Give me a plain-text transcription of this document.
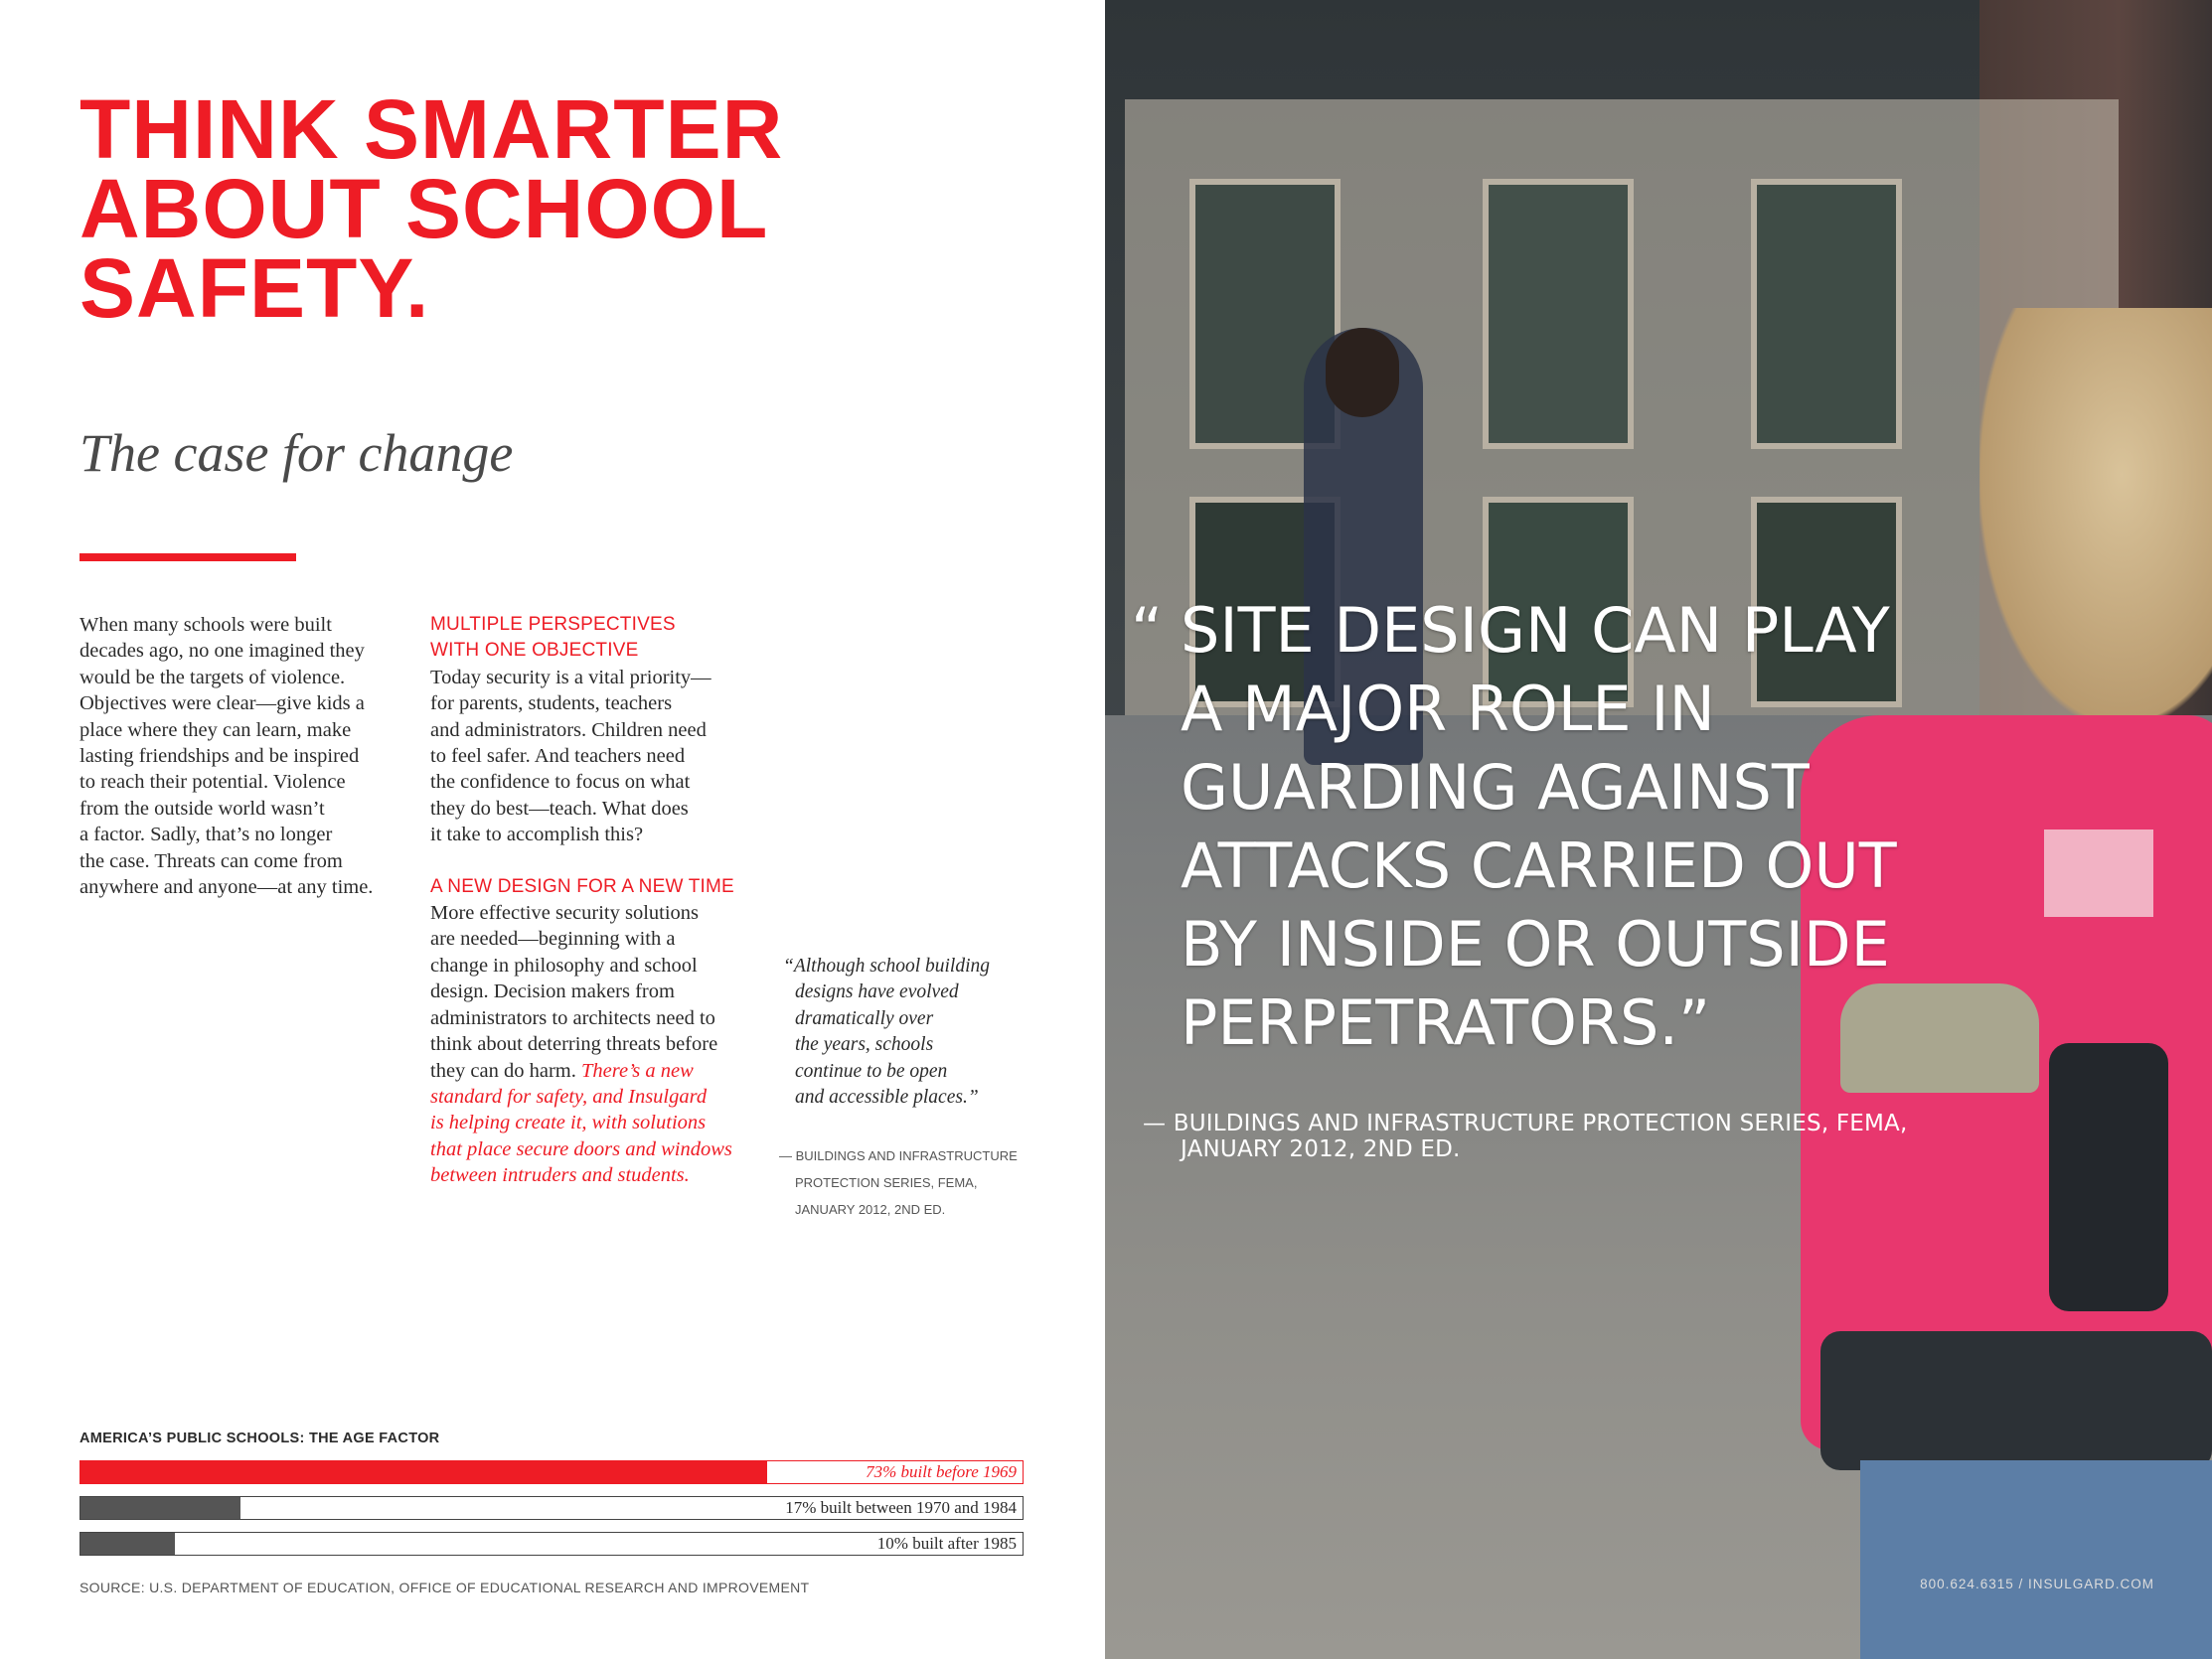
THINK SMARTER
ABOUT SCHOOL
SAFETY.
The case for change
When many schools were built
decades ago, no one imagined they
would be the targets of violence.
Objectives were clear—give kids a
place where they can learn, make
lasting friendships and be inspired
to reach their potential. Violence
from the outside world wasn’t
a factor. Sadly, that’s no longer
the case. Threats can come from
anywhere and anyone—at any time.
MULTIPLE PERSPECTIVES
WITH ONE OBJECTIVE
Today security is a vital priority—
for parents, students, teachers
and administrators. Children need
to feel safer. And teachers need
the confidence to focus on what
they do best—teach. What does
it take to accomplish this?
A NEW DESIGN FOR A NEW TIME
More effective security solutions
are needed—beginning with a
change in philosophy and school
design. Decision makers from
administrators to architects need to
think about deterring threats before
they can do harm. There’s a new
standard for safety, and Insulgard
is helping create it, with solutions
that place secure doors and windows
between intruders and students.
“Although school building
designs have evolved
dramatically over
the years, schools
continue to be open
and accessible places.”
— BUILDINGS AND INFRASTRUCTURE
PROTECTION SERIES, FEMA,
JANUARY 2012, 2ND ED.
AMERICA’S PUBLIC SCHOOLS: THE AGE FACTOR
73% built before 1969
17% built between 1970 and 1984
10% built after 1985
SOURCE: U.S. DEPARTMENT OF EDUCATION, OFFICE OF EDUCATIONAL RESEARCH AND IMPROVEMENT
“ SITE DESIGN CAN PLAY
A MAJOR ROLE IN
GUARDING AGAINST
ATTACKS CARRIED OUT
BY INSIDE OR OUTSIDE
PERPETRATORS.”
— BUILDINGS AND INFRASTRUCTURE PROTECTION SERIES, FEMA,
JANUARY 2012, 2ND ED.
800.624.6315 / INSULGARD.COM
